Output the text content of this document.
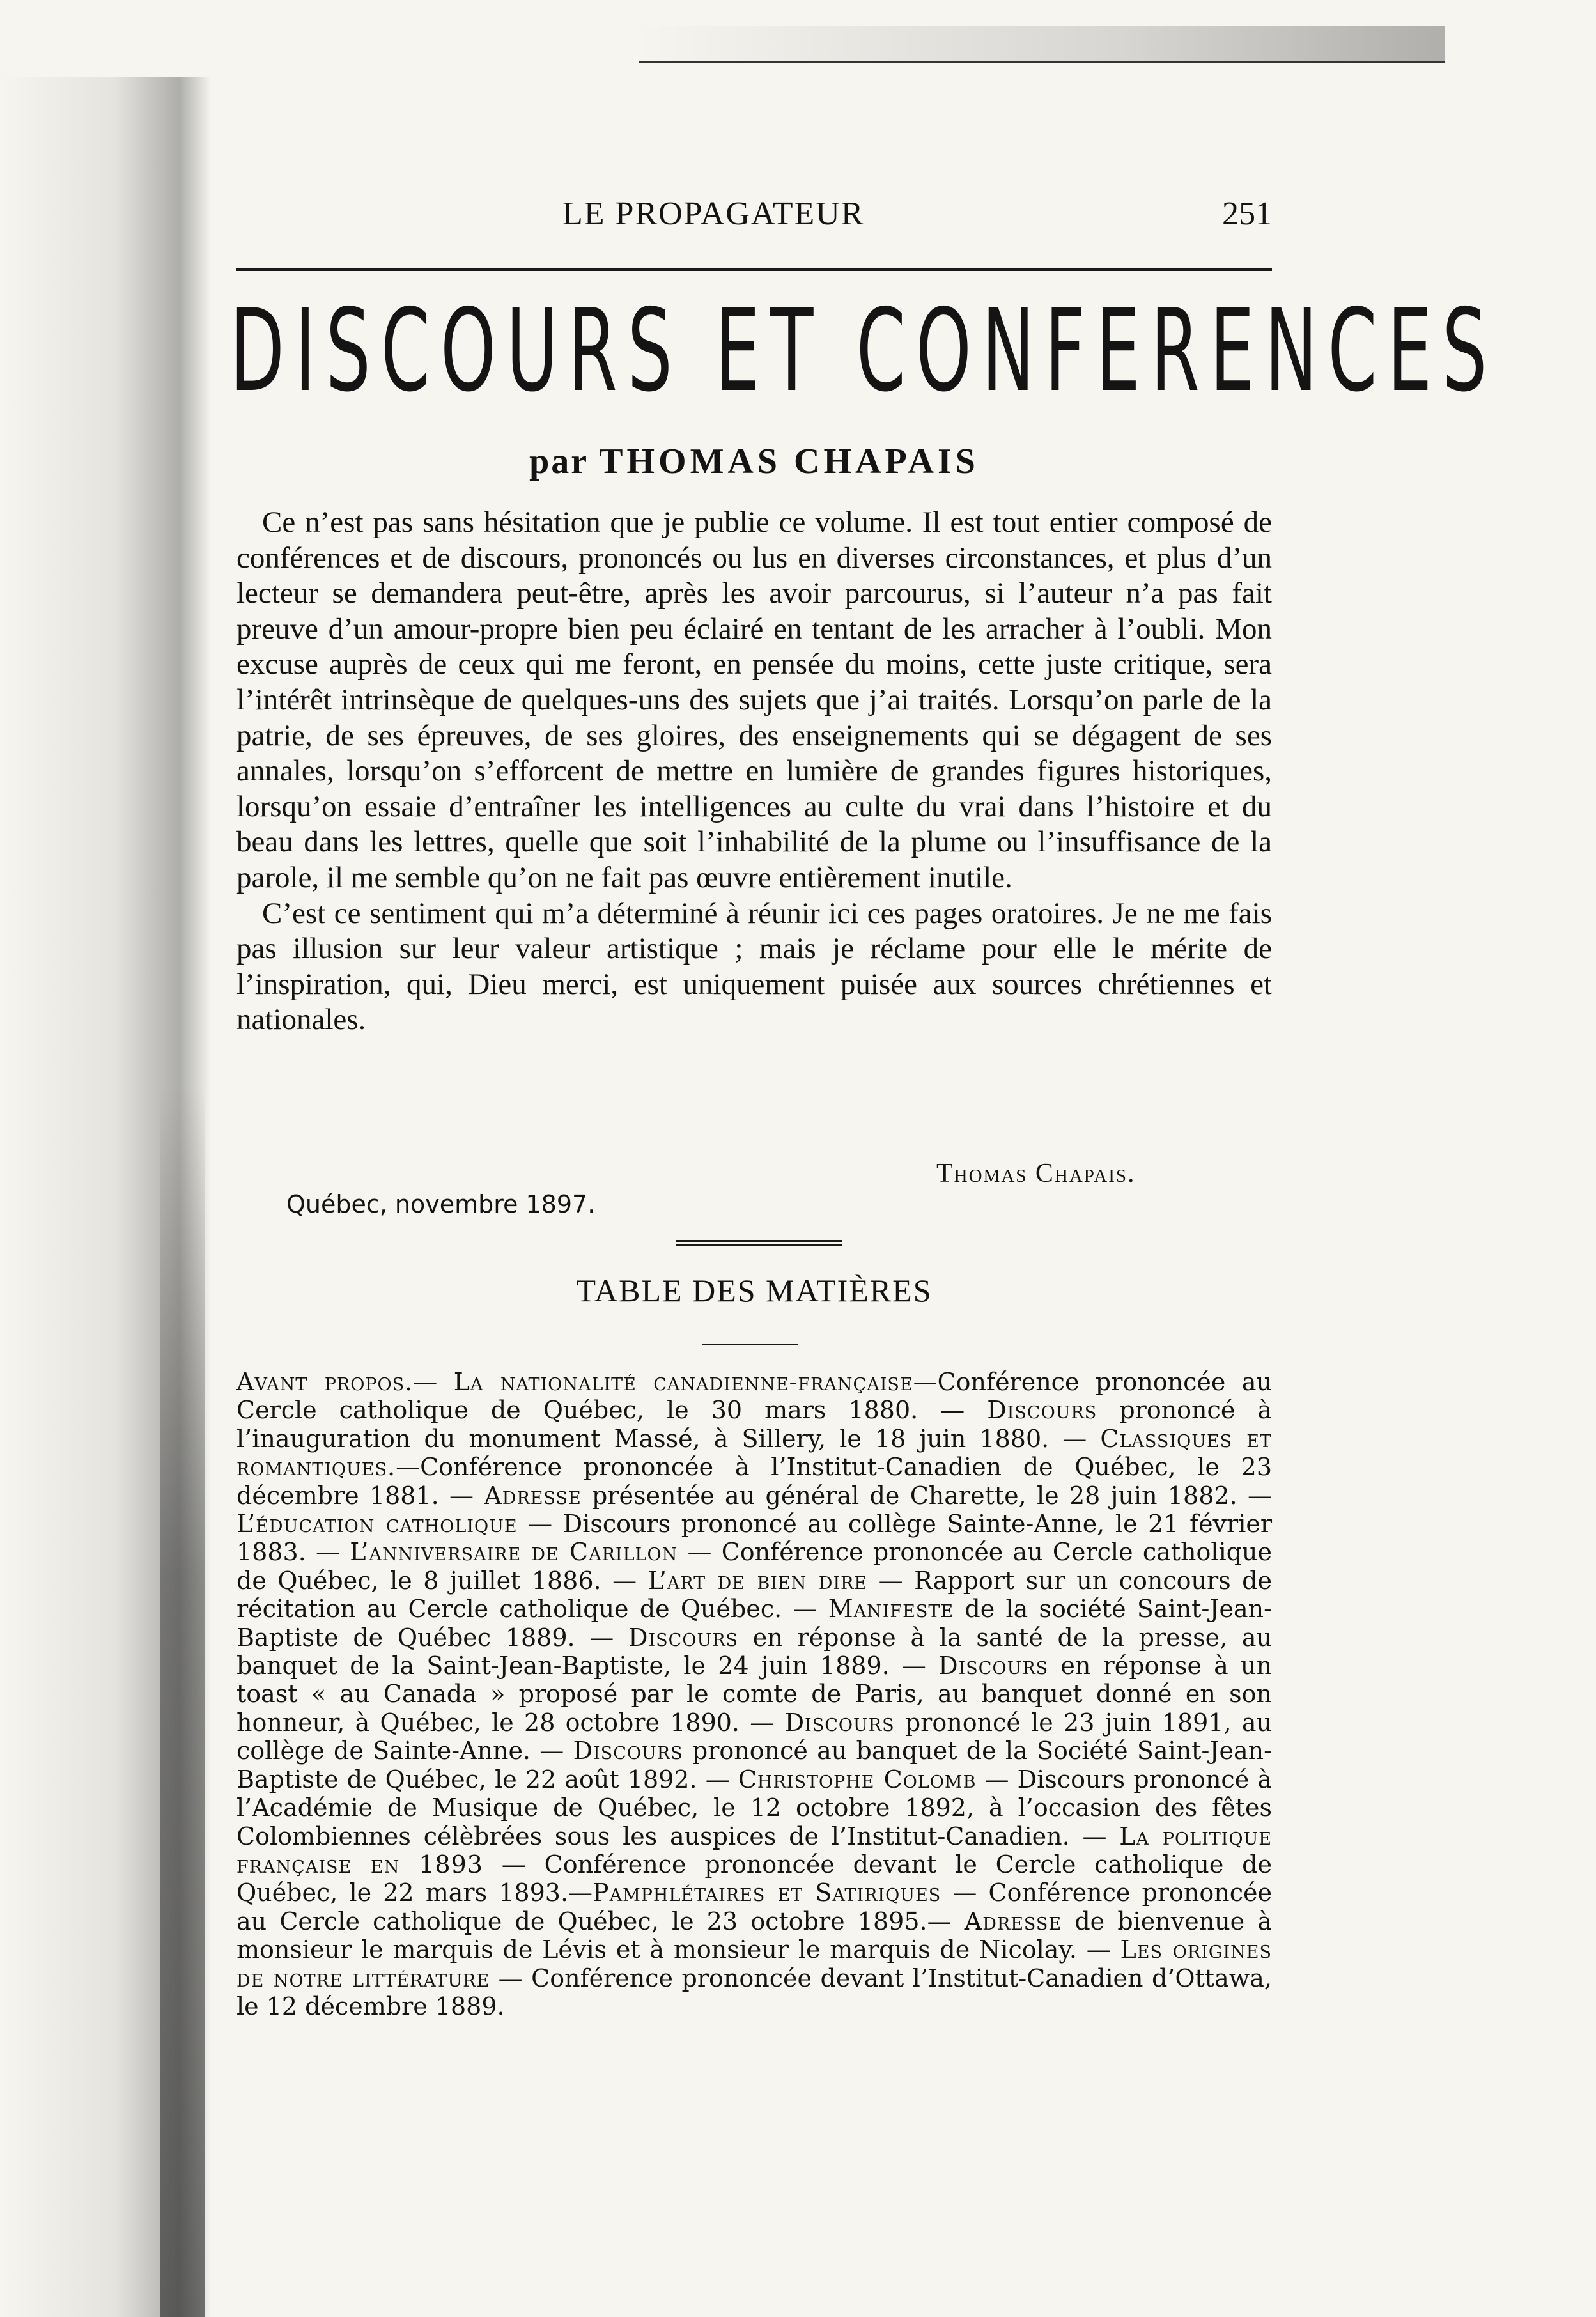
LE PROPAGATEUR	251
DISCOURS ET CONFERENCES
par THOMAS CHAPAIS

Ce n’est pas sans hésitation que je publie ce volume. Il est tout entier composé de conférences et de discours, prononcés ou lus en diverses circonstances, et plus d’un lecteur se demandera peut-être, après les avoir parcourus, si l’auteur n’a pas fait preuve d’un amour-propre bien peu éclairé en tentant de les arracher à l’oubli. Mon excuse auprès de ceux qui me feront, en pensée du moins, cette juste critique, sera l’intérêt intrinsèque de quelques-uns des sujets que j’ai traités. Lorsqu’on parle de la patrie, de ses épreuves, de ses gloires, des enseignements qui se dégagent de ses annales, lorsqu’on s’efforcent de mettre en lumière de grandes figures historiques, lorsqu’on essaie d’entraîner les intelligences au culte du vrai dans l’histoire et du beau dans les lettres, quelle que soit l’inhabilité de la plume ou l’insuffisance de la parole, il me semble qu’on ne fait pas œuvre entièrement inutile.

C’est ce sentiment qui m’a déterminé à réunir ici ces pages oratoires. Je ne me fais pas illusion sur leur valeur artistique ; mais je réclame pour elle le mérite de l’inspiration, qui, Dieu merci, est uniquement puisée aux sources chrétiennes et nationales.

Thomas Chapais.
Québec, novembre 1897.
TABLE DES MATIÈRES
Avant propos.— La nationalité canadienne-française—Conférence prononcée au Cercle catholique de Québec, le 30 mars 1880. — Discours prononcé à l’inauguration du monument Massé, à Sillery, le 18 juin 1880. — Classiques et romantiques.—Conférence prononcée à l’Institut-Canadien de Québec, le 23 décembre 1881. — Adresse présentée au général de Charette, le 28 juin 1882. — L’éducation catholique — Discours prononcé au collège Sainte-Anne, le 21 février 1883. — L’anniversaire de Carillon — Conférence prononcée au Cercle catholique de Québec, le 8 juillet 1886. — L’art de bien dire — Rapport sur un concours de récitation au Cercle catholique de Québec. — Manifeste de la société Saint-Jean-Baptiste de Québec 1889. — Discours en réponse à la santé de la presse, au banquet de la Saint-Jean-Baptiste, le 24 juin 1889. — Discours en réponse à un toast « au Canada » proposé par le comte de Paris, au banquet donné en son honneur, à Québec, le 28 octobre 1890. — Discours prononcé le 23 juin 1891, au collège de Sainte-Anne. — Discours prononcé au banquet de la Société Saint-Jean-Baptiste de Québec, le 22 août 1892. — Christophe Colomb — Discours prononcé à l’Académie de Musique de Québec, le 12 octobre 1892, à l’occasion des fêtes Colombiennes célèbrées sous les auspices de l’Institut-Canadien. — La politique française en 1893 — Conférence prononcée devant le Cercle catholique de Québec, le 22 mars 1893.—Pamphlétaires et Satiriques — Conférence prononcée au Cercle catholique de Québec, le 23 octobre 1895.— Adresse de bienvenue à monsieur le marquis de Lévis et à monsieur le marquis de Nicolay. — Les origines de notre littérature — Conférence prononcée devant l’Institut-Canadien d’Ottawa, le 12 décembre 1889.
